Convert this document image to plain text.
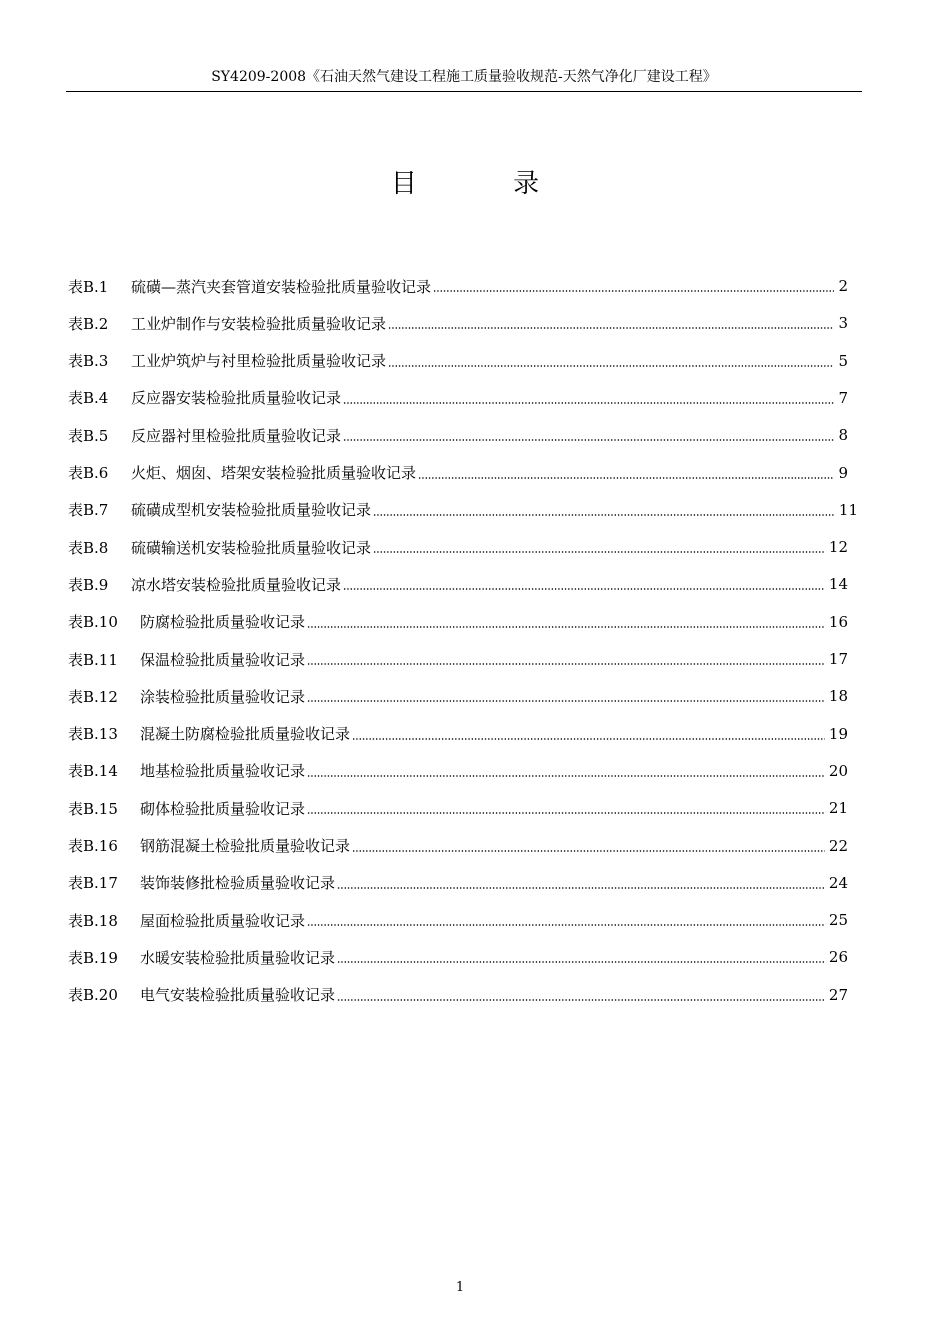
SY4209-2008《石油天然气建设工程施工质量验收规范-天然气净化厂建设工程》
目 录
表B.1	硫磺—蒸汽夹套管道安装检验批质量验收记录	2
表B.2	工业炉制作与安装检验批质量验收记录	3
表B.3	工业炉筑炉与衬里检验批质量验收记录	5
表B.4	反应器安装检验批质量验收记录	7
表B.5	反应器衬里检验批质量验收记录	8
表B.6	火炬、烟囱、塔架安装检验批质量验收记录	9
表B.7	硫磺成型机安装检验批质量验收记录	11
表B.8	硫磺输送机安装检验批质量验收记录	12
表B.9	凉水塔安装检验批质量验收记录	14
表B.10	防腐检验批质量验收记录	16
表B.11	保温检验批质量验收记录	17
表B.12	涂装检验批质量验收记录	18
表B.13	混凝土防腐检验批质量验收记录	19
表B.14	地基检验批质量验收记录	20
表B.15	砌体检验批质量验收记录	21
表B.16	钢筋混凝土检验批质量验收记录	22
表B.17	装饰装修批检验质量验收记录	24
表B.18	屋面检验批质量验收记录	25
表B.19	水暖安装检验批质量验收记录	26
表B.20	电气安装检验批质量验收记录	27
1
